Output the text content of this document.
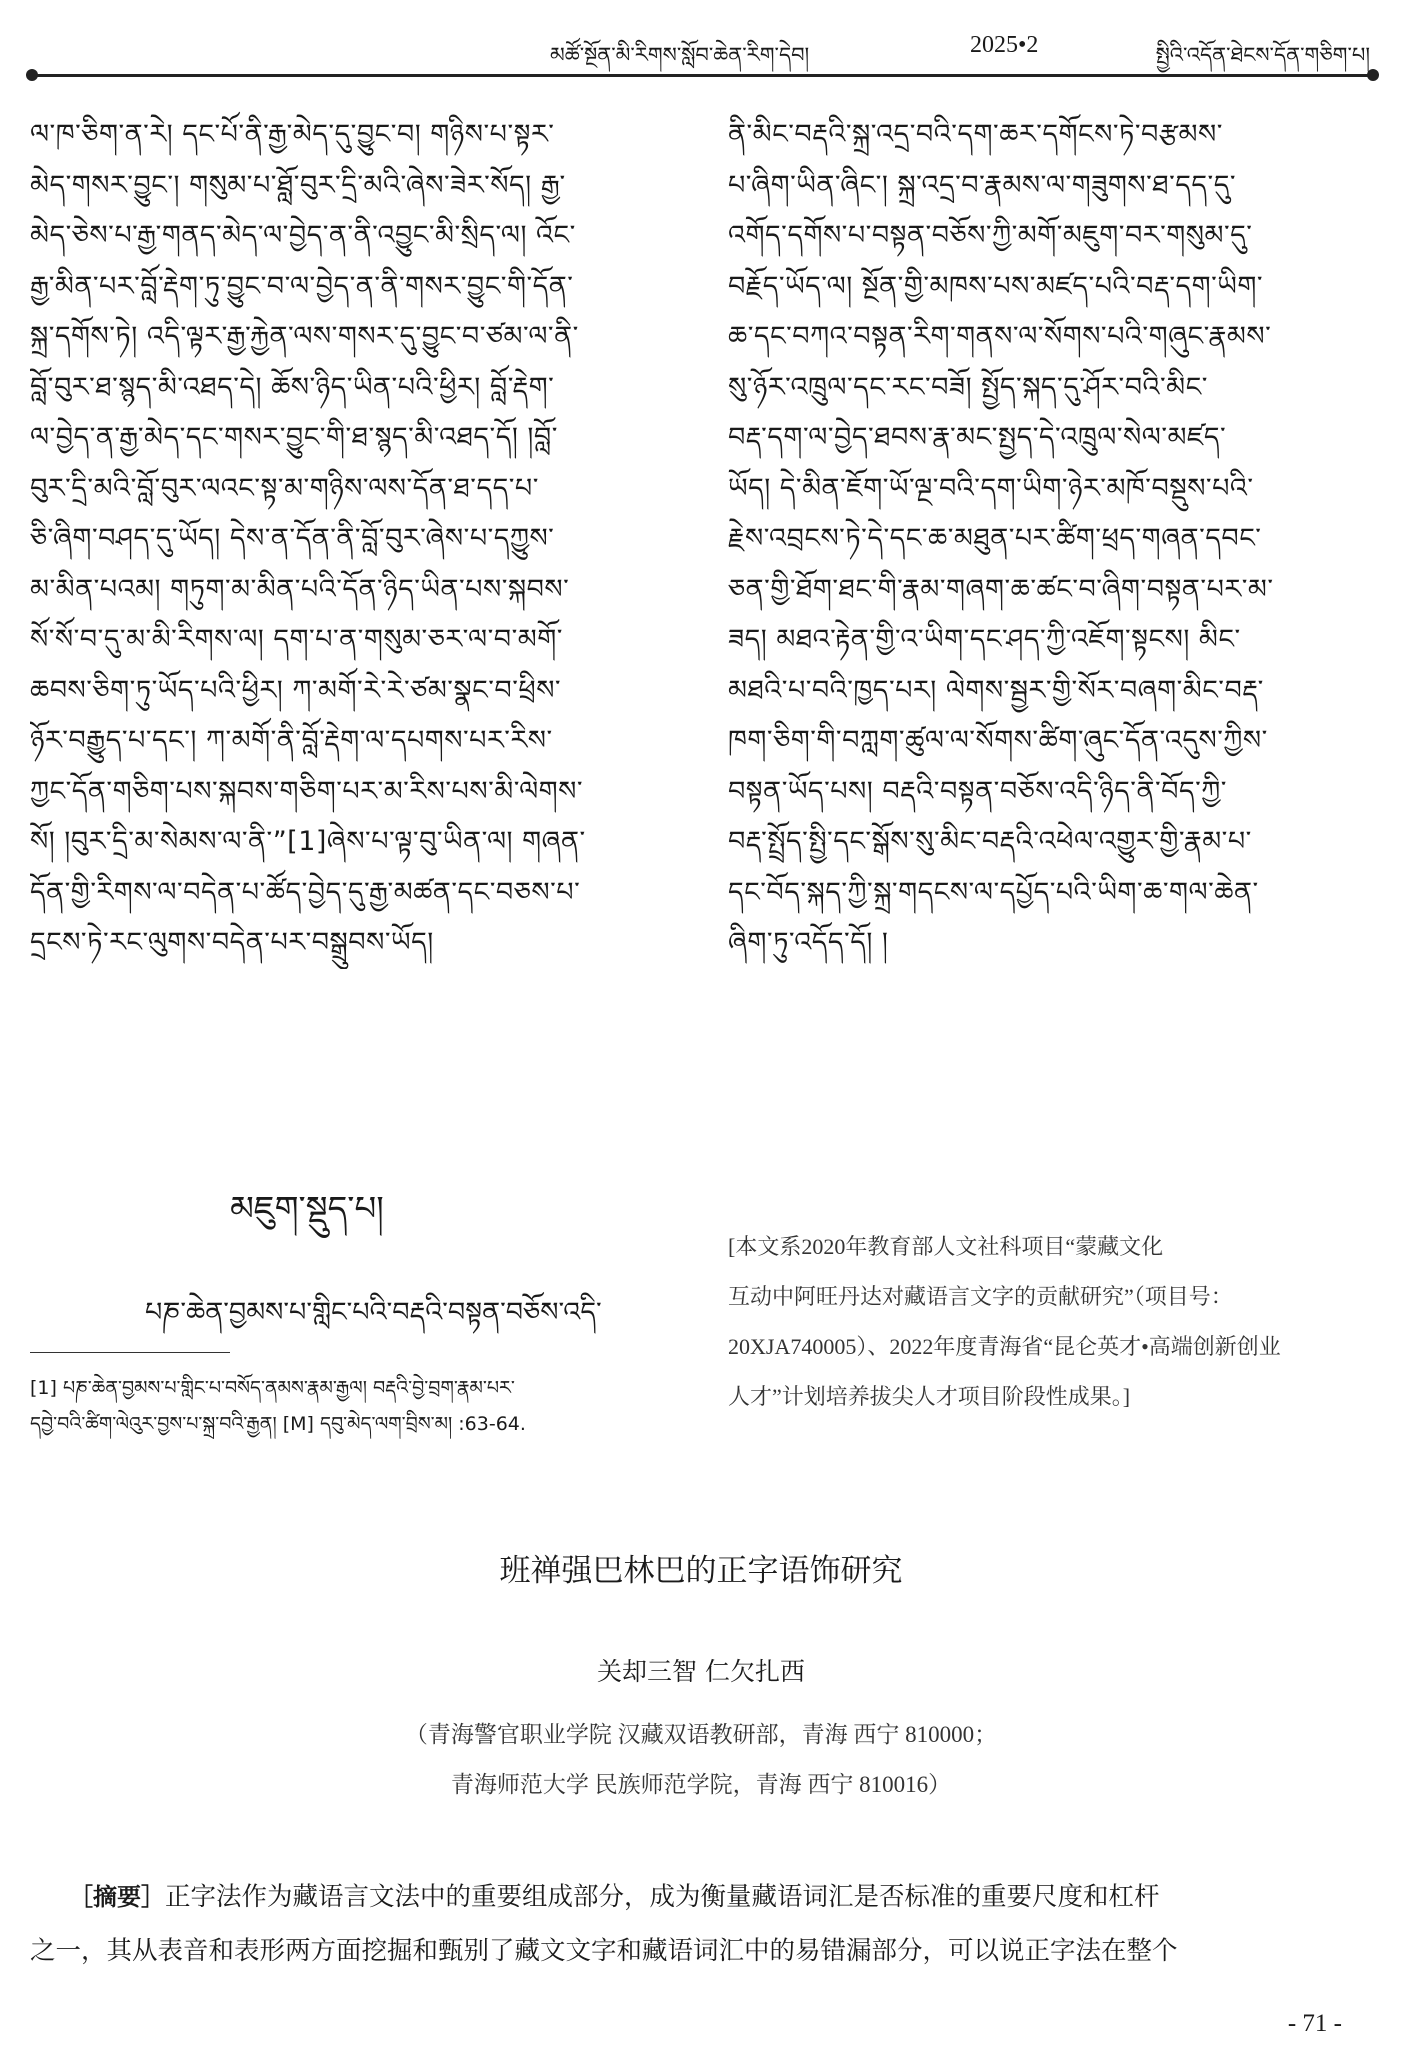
མཚོ་སྔོན་མི་རིགས་སློབ་ཆེན་རིག་དེབ།	2025•2	སྤྱིའི་འདོན་ཐེངས་དོན་གཅིག་པ།
ལ་ཁ་ཅིག་ན་རེ། དང་པོ་ནི་རྒྱ་མེད་དུ་བྱུང་བ། གཉིས་པ་སྟར་
མེད་གསར་བྱུང་། གསུམ་པ་ཐློ་བུར་དྲི་མའི་ཞེས་ཟེར་སོད། རྒྱ་
མེད་ཅེས་པ་རྒྱ་གནད་མེད་ལ་བྱེད་ན་ནི་འབྱུང་མི་སྲིད་ལ། འོང་
རྒྱ་མིན་པར་བློ་རྡེག་ཏུ་བྱུང་བ་ལ་བྱེད་ན་ནི་གསར་བྱུང་གི་དོན་
སྐྲ་དགོས་ཏེ། འདི་ལྟར་རྒྱ་རྐྱེན་ལས་གསར་དུ་བྱུང་བ་ཙམ་ལ་ནི་
བློ་བུར་ཐ་སྙད་མི་འཐད་དེ། ཆོས་ཉིད་ཡིན་པའི་ཕྱིར། བློ་རྡེག་
ལ་བྱེད་ན་རྒྱ་མེད་དང་གསར་བྱུང་གི་ཐ་སྙད་མི་འཐད་དོ། །བློ་
བུར་དྲི་མའི་བློ་བུར་ལའང་སྟ་མ་གཉིས་ལས་དོན་ཐ་དད་པ་
ཅི་ཞིག་བཤད་དུ་ཡོད། དེས་ན་དོན་ནི་བློ་བུར་ཞེས་པ་དཀྱུས་
མ་མིན་པའམ། གཏུག་མ་མིན་པའི་དོན་ཉིད་ཡིན་པས་སྐབས་
སོ་སོ་བ་དུ་མ་མི་རིགས་ལ། དག་པ་ན་གསུམ་ཅར་ལ་བ་མགོ་
ཆབས་ཅིག་ཏུ་ཡོད་པའི་ཕྱིར། ཀ་མགོ་རེ་རེ་ཙམ་སྣང་བ་ཕྲིས་
ཉོར་བརྒྱུད་པ་དང་། ཀ་མགོ་ནི་བློ་རྡེག་ལ་དཔགས་པར་རིས་
ཀྱང་དོན་གཅིག་པས་སྐབས་གཅིག་པར་མ་རིས་པས་མི་ལེགས་
སོ། །བུར་དྲི་མ་སེམས་ལ་ནི་”[1]ཞེས་པ་ལྟ་བུ་ཡིན་ལ། གཞན་
དོན་གྱི་རིགས་ལ་བདེན་པ་ཚོད་བྱེད་དུ་རྒྱ་མཚན་དང་བཅས་པ་
དྲངས་ཏེ་རང་ལུགས་བདེན་པར་བསྒྲུབས་ཡོད།
ནི་མིང་བརྡའི་སྐྲ་འདྲ་བའི་དག་ཆར་དགོངས་ཏེ་བརྩམས་
པ་ཞིག་ཡིན་ཞིང་། སྐྲ་འདྲ་བ་རྣམས་ལ་གཟུགས་ཐ་དད་དུ་
འགོད་དགོས་པ་བསྟན་བཅོས་ཀྱི་མགོ་མཇུག་བར་གསུམ་དུ་
བརྗོད་ཡོད་ལ། སྔོན་གྱི་མཁས་པས་མཛད་པའི་བརྡ་དག་ཡིག་
ཆ་དང་བཀའ་བསྟན་རིག་གནས་ལ་སོགས་པའི་གཞུང་རྣམས་
སུ་ཉོར་འཁྲུལ་དང་རང་བཟོ། སྤྱོད་སྐད་དུ་ཤོར་བའི་མིང་
བརྡ་དག་ལ་བྱེད་ཐབས་རྣ་མང་སྤྱད་དེ་འཁྲུལ་སེལ་མཛད་
ཡོད། དེ་མིན་ཇོག་ཡོ་ལྔ་བའི་དག་ཡིག་ཉེར་མཁོ་བསྡུས་པའི་
རྗེས་འབྲངས་ཏེ་དེ་དང་ཆ་མཐུན་པར་ཚིག་ཕྲད་གཞན་དབང་
ཅན་གྱི་ཐོག་ཐང་གི་རྣམ་གཞག་ཆ་ཚང་བ་ཞིག་བསྟན་པར་མ་
ཟད། མཐའ་རྟེན་གྱི་འ་ཡིག་དང་ཤད་ཀྱི་འཇོག་སྟངས། མིང་
མཐའི་པ་བའི་ཁྱད་པར། ལེགས་སྦྱར་གྱི་སོར་བཞག་མིང་བརྡ་
ཁག་ཅིག་གི་བཀླག་ཚུལ་ལ་སོགས་ཚིག་ཞུང་དོན་འདུས་ཀྱིས་
བསྟན་ཡོད་པས། བརྡའི་བསྟན་བཅོས་འདི་ཉིད་ནི་བོད་ཀྱི་
བརྡ་སྤྲོད་སྤྱི་དང་སྒོས་སུ་མིང་བརྡའི་འཕེལ་འགྱུར་གྱི་རྣམ་པ་
དང་བོད་སྐད་ཀྱི་སྐྲ་གདངས་ལ་དཔྱོད་པའི་ཡིག་ཆ་གལ་ཆེན་
ཞིག་ཏུ་འདོད་དོ། །
མཇུག་སྡུད་པ།
པཎ་ཆེན་བྱམས་པ་གླིང་པའི་བརྡའི་བསྟན་བཅོས་འདི་
[1] པཎ་ཆེན་བྱམས་པ་གླིང་པ་བསོད་ནམས་རྣམ་རྒྱལ། བརྡའི་བྱེ་བྲག་རྣམ་པར་
དབྱེ་བའི་ཚིག་ལེའུར་བྱས་པ་སྐྲ་བའི་རྒྱན། [M] དབུ་མེད་ལག་བྲིས་མ། :63-64.
[本文系2020年教育部人文社科项目“蒙藏文化
互动中阿旺丹达对藏语言文字的贡献研究”（项目号：
20XJA740005）、2022年度青海省“昆仑英才•高端创新创业
人才”计划培养拔尖人才项目阶段性成果。]
班禅强巴林巴的正字语饰研究
关却三智 仁欠扎西
（青海警官职业学院 汉藏双语教研部，青海 西宁 810000；
青海师范大学 民族师范学院，青海 西宁 810016）
　　［摘要］正字法作为藏语言文法中的重要组成部分，成为衡量藏语词汇是否标准的重要尺度和杠杆
之一，其从表音和表形两方面挖掘和甄别了藏文文字和藏语词汇中的易错漏部分，可以说正字法在整个
- 71 -
